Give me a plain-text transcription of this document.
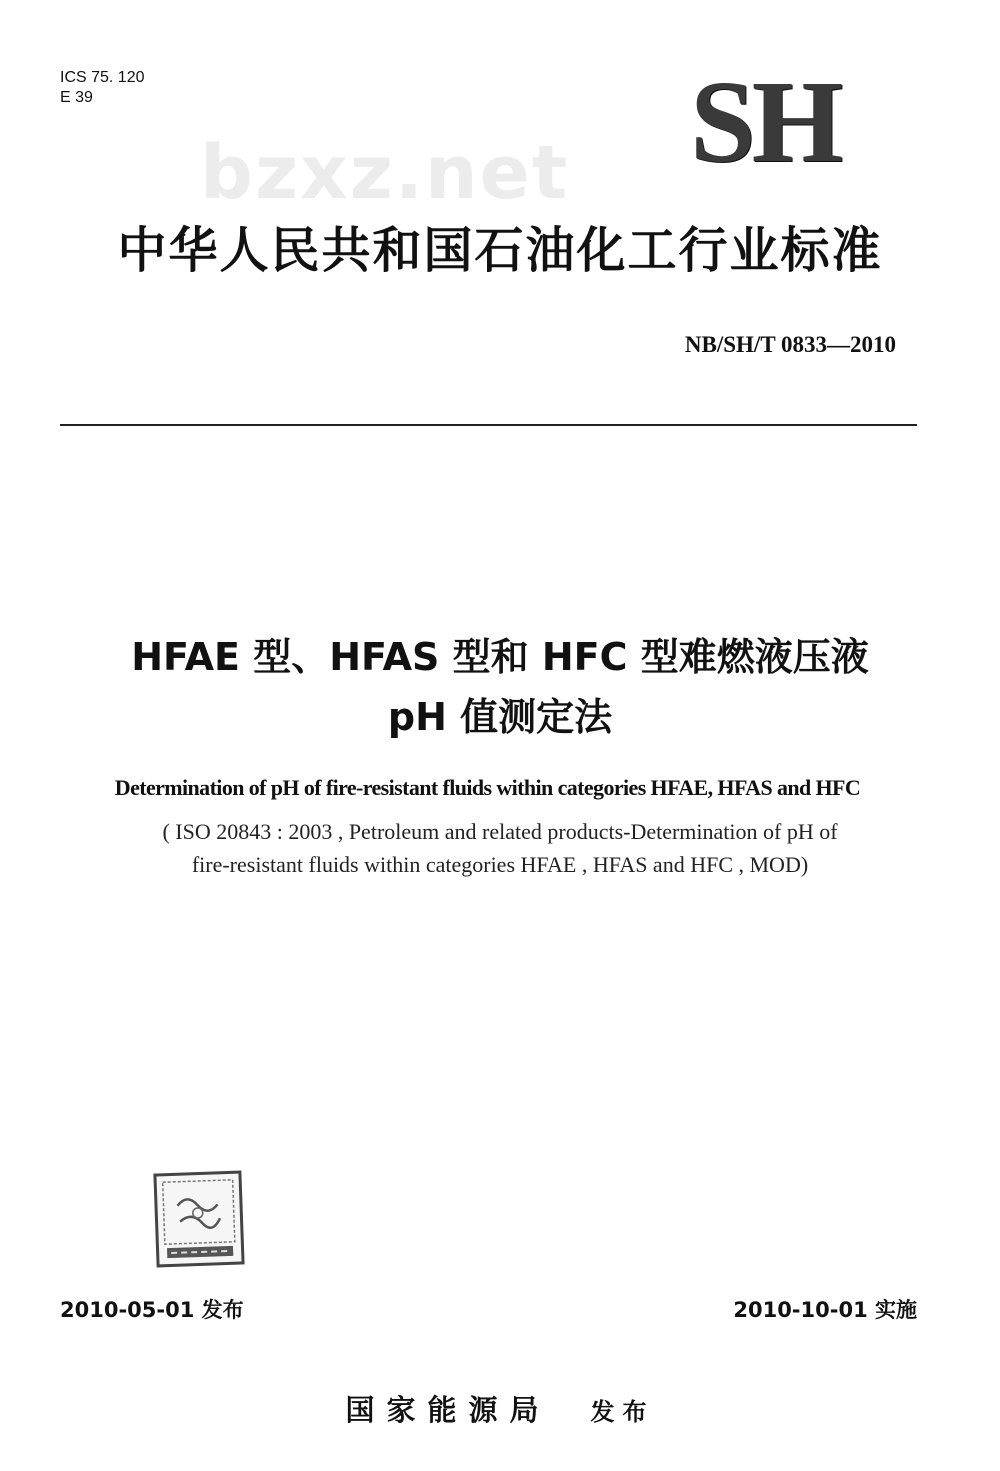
ICS 75. 120
E 39
bzxz.net SH
中华人民共和国石油化工行业标准
NB/SH/T 0833—2010
HFAE 型、HFAS 型和 HFC 型难燃液压液
pH 值测定法
Determination of pH of fire-resistant fluids within categories HFAE, HFAS and HFC
( ISO 20843 : 2003 , Petroleum and related products-Determination of pH of
fire-resistant fluids within categories HFAE , HFAS and HFC , MOD)
2010-05-01 发布	2010-10-01 实施
国家能源局 发布
